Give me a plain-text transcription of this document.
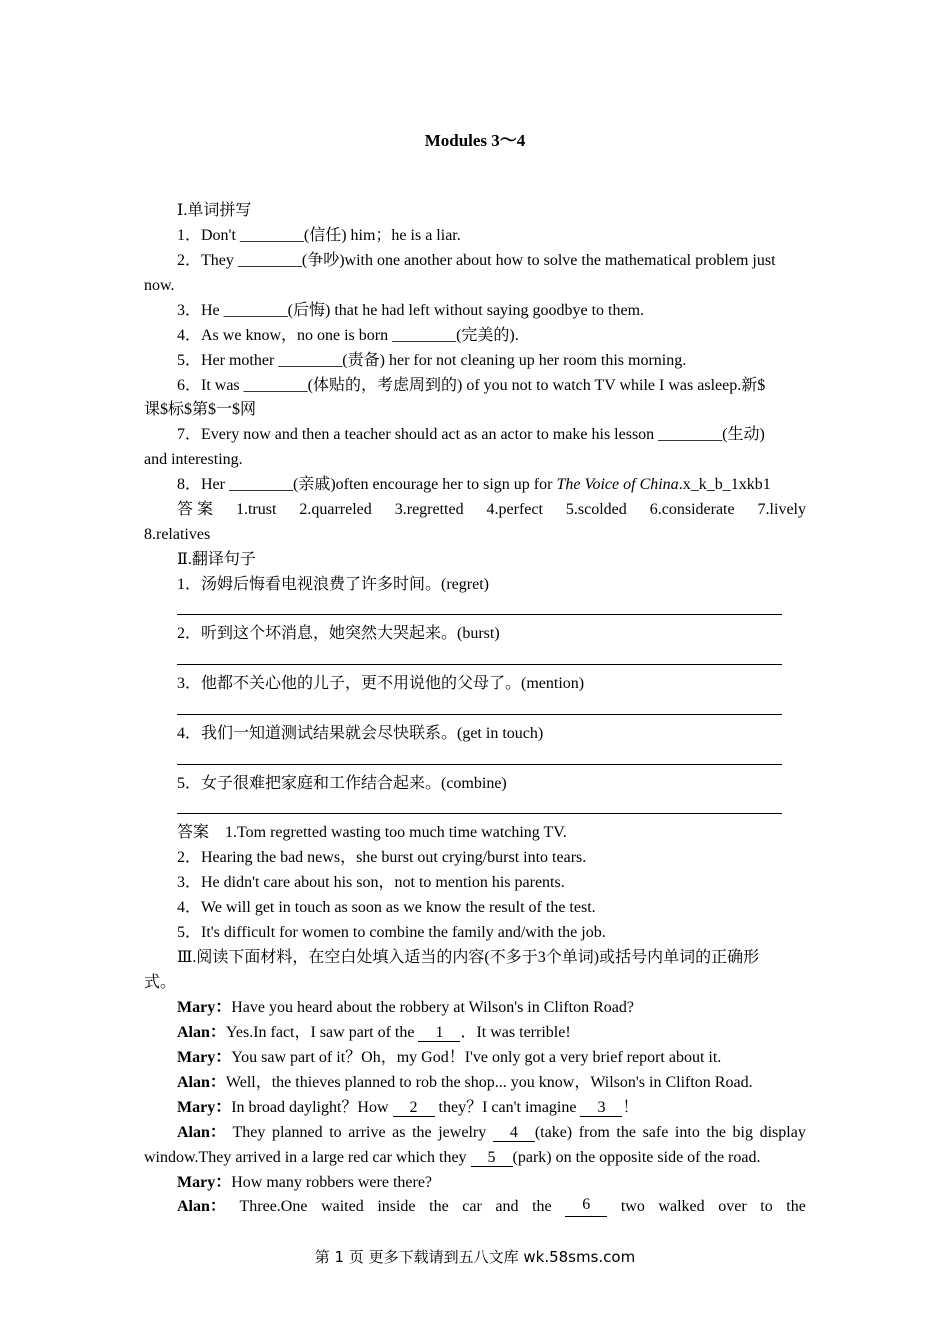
Modules 3～4
Ⅰ.单词拼写
1．Don't ________(信任) him；he is a liar.
2．They ________(争吵)with one another about how to solve the mathematical problem just
now.
3．He ________(后悔) that he had left without saying goodbye to them.
4．As we know，no one is born ________(完美的).
5．Her mother ________(责备) her for not cleaning up her room this morning.
6．It was ________(体贴的，考虑周到的) of you not to watch TV while I was asleep.新$
课$标$第$一$网
7．Every now and then a teacher should act as an actor to make his lesson ________(生动)
and interesting.
8．Her ________(亲戚)often encourage her to sign up for The Voice of China.x_k_b_1xkb1
答 案 1.trust 2.quarreled 3.regretted 4.perfect 5.scolded 6.considerate 7.lively
8.relatives
Ⅱ.翻译句子
1．汤姆后悔看电视浪费了许多时间。(regret)
2．听到这个坏消息，她突然大哭起来。(burst)
3．他都不关心他的儿子，更不用说他的父母了。(mention)
4．我们一知道测试结果就会尽快联系。(get in touch)
5．女子很难把家庭和工作结合起来。(combine)
答案　1.Tom regretted wasting too much time watching TV.
2．Hearing the bad news，she burst out crying/burst into tears.
3．He didn't care about his son，not to mention his parents.
4．We will get in touch as soon as we know the result of the test.
5．It's difficult for women to combine the family and/with the job.
Ⅲ.阅读下面材料，在空白处填入适当的内容(不多于3个单词)或括号内单词的正确形
式。
Mary：Have you heard about the robbery at Wilson's in Clifton Road?
Alan：Yes.In fact，I saw part of the 1 ．It was terrible!
Mary：You saw part of it？Oh，my God！I've only got a very brief report about it.
Alan：Well，the thieves planned to rob the shop... you know，Wilson's in Clifton Road.
Mary：In broad daylight？How 2 they？I can't imagine 3 ！
Alan： They planned to arrive as the jewelry	4 (take) from the safe into the big display
window.They arrived in a large red car which they 5 (park) on the opposite side of the road.
Mary：How many robbers were there?
Alan： Three.One waited inside the car and the	6	two walked over to the
第 1 页 更多下载请到五八文库 wk.58sms.com
